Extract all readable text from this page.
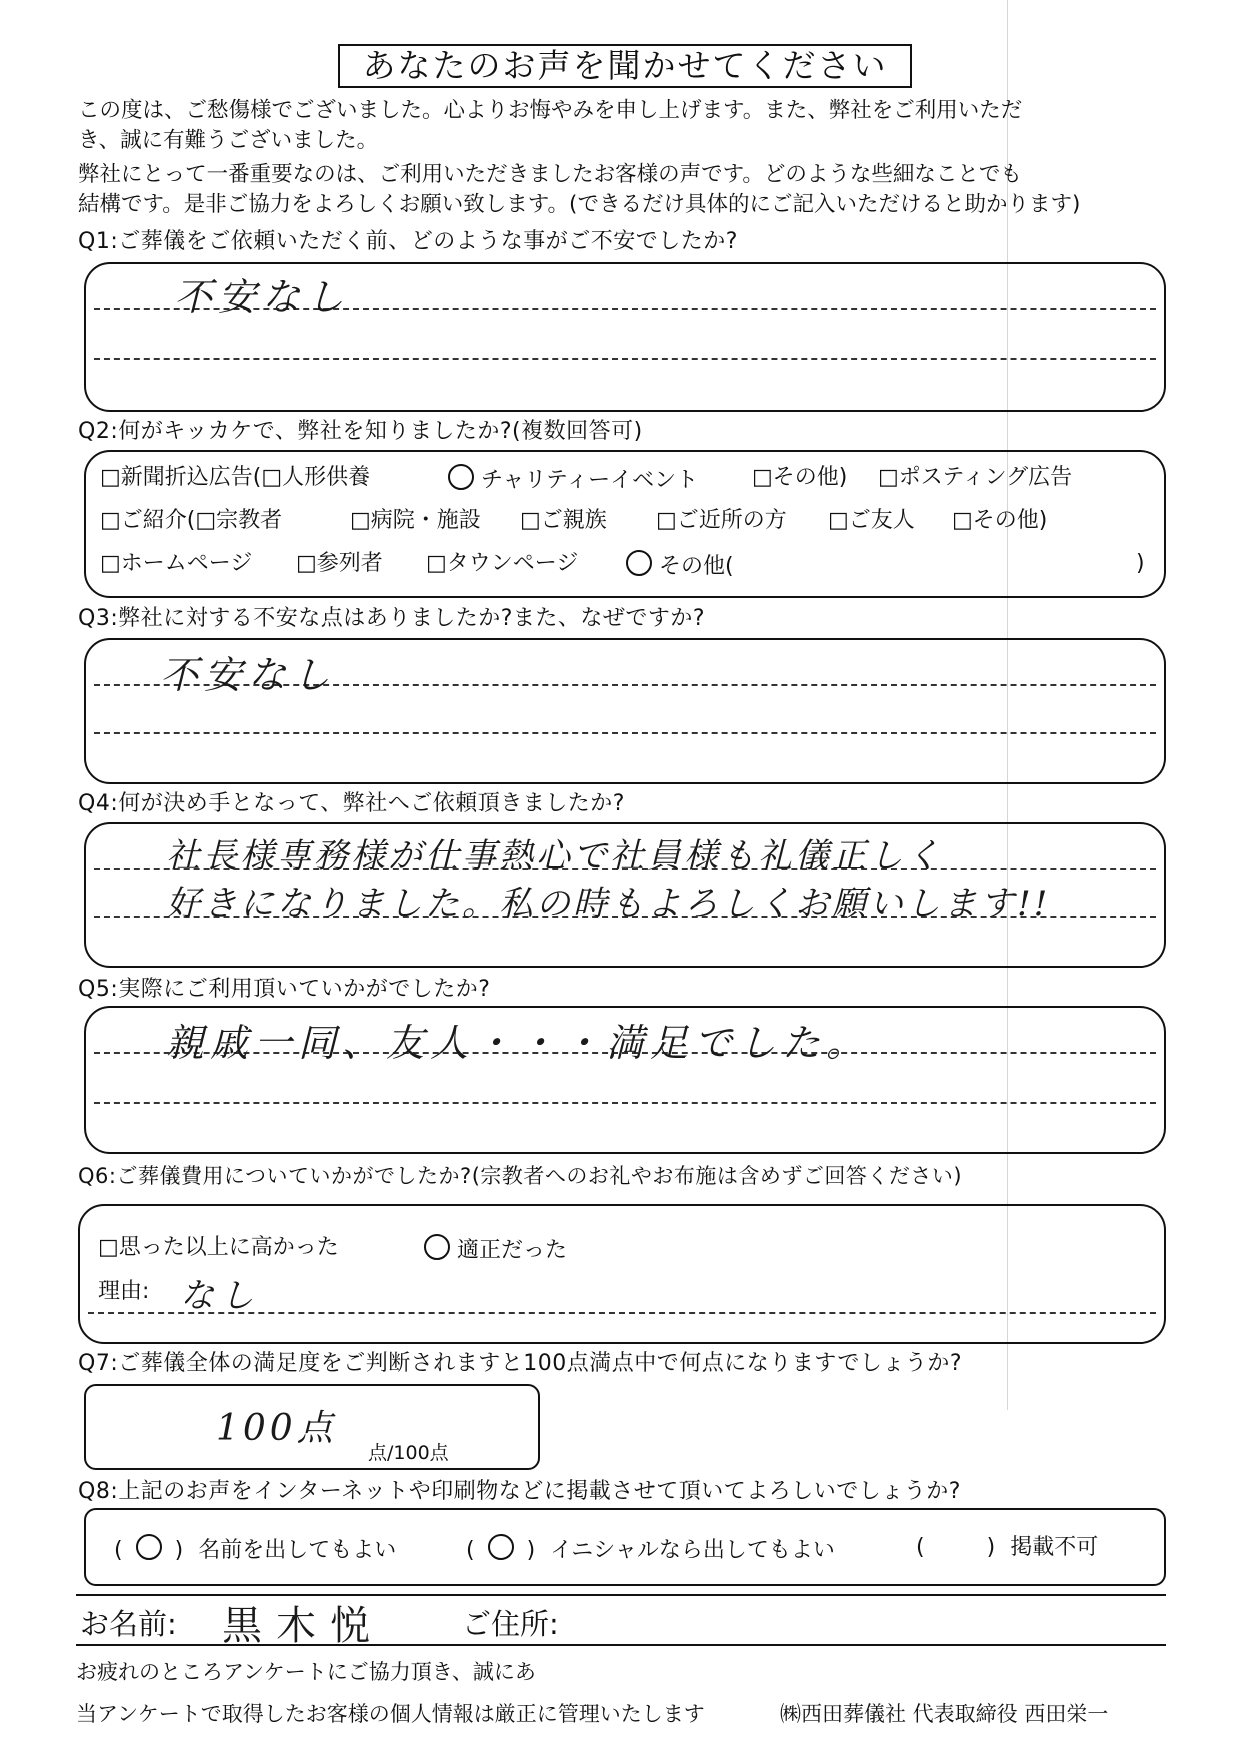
あなたのお声を聞かせてください
この度は、ご愁傷様でございました。心よりお悔やみを申し上げます。また、弊社をご利用いただ
き、誠に有難うございました。
弊社にとって一番重要なのは、ご利用いただきましたお客様の声です。どのような些細なことでも
結構です。是非ご協力をよろしくお願い致します。(できるだけ具体的にご記入いただけると助かります)
Q1:ご葬儀をご依頼いただく前、どのような事がご不安でしたか?
不安なし
Q2:何がキッカケで、弊社を知りましたか?(複数回答可)
□新聞折込広告(□人形供養	チャリティーイベント □その他) □ポスティング広告
□ご紹介(□宗教者	□病院・施設 □ご親族 □ご近所の方 □ご友人 □その他)
□ホームページ □参列者 □タウンページ	その他(	)
Q3:弊社に対する不安な点はありましたか?また、なぜですか?
不安なし
Q4:何が決め手となって、弊社へご依頼頂きましたか?
社長様専務様が仕事熱心で社員様も礼儀正しく
好きになりました。私の時もよろしくお願いします!!
Q5:実際にご利用頂いていかがでしたか?
親戚一同、友人・・・満足でした。
Q6:ご葬儀費用についていかがでしたか?(宗教者へのお礼やお布施は含めずご回答ください)
□思った以上に高かった	適正だった
理由: なし
Q7:ご葬儀全体の満足度をご判断されますと100点満点中で何点になりますでしょうか?
100点
点/100点
Q8:上記のお声をインターネットや印刷物などに掲載させて頂いてよろしいでしょうか?
( ○ ) 名前を出してもよい	( ○ ) イニシャルなら出してもよい	(	) 掲載不可
お名前: 黒木悦	ご住所:
お疲れのところアンケートにご協力頂き、誠にあ
当アンケートで取得したお客様の個人情報は厳正に管理いたします	㈱西田葬儀社 代表取締役 西田栄一
